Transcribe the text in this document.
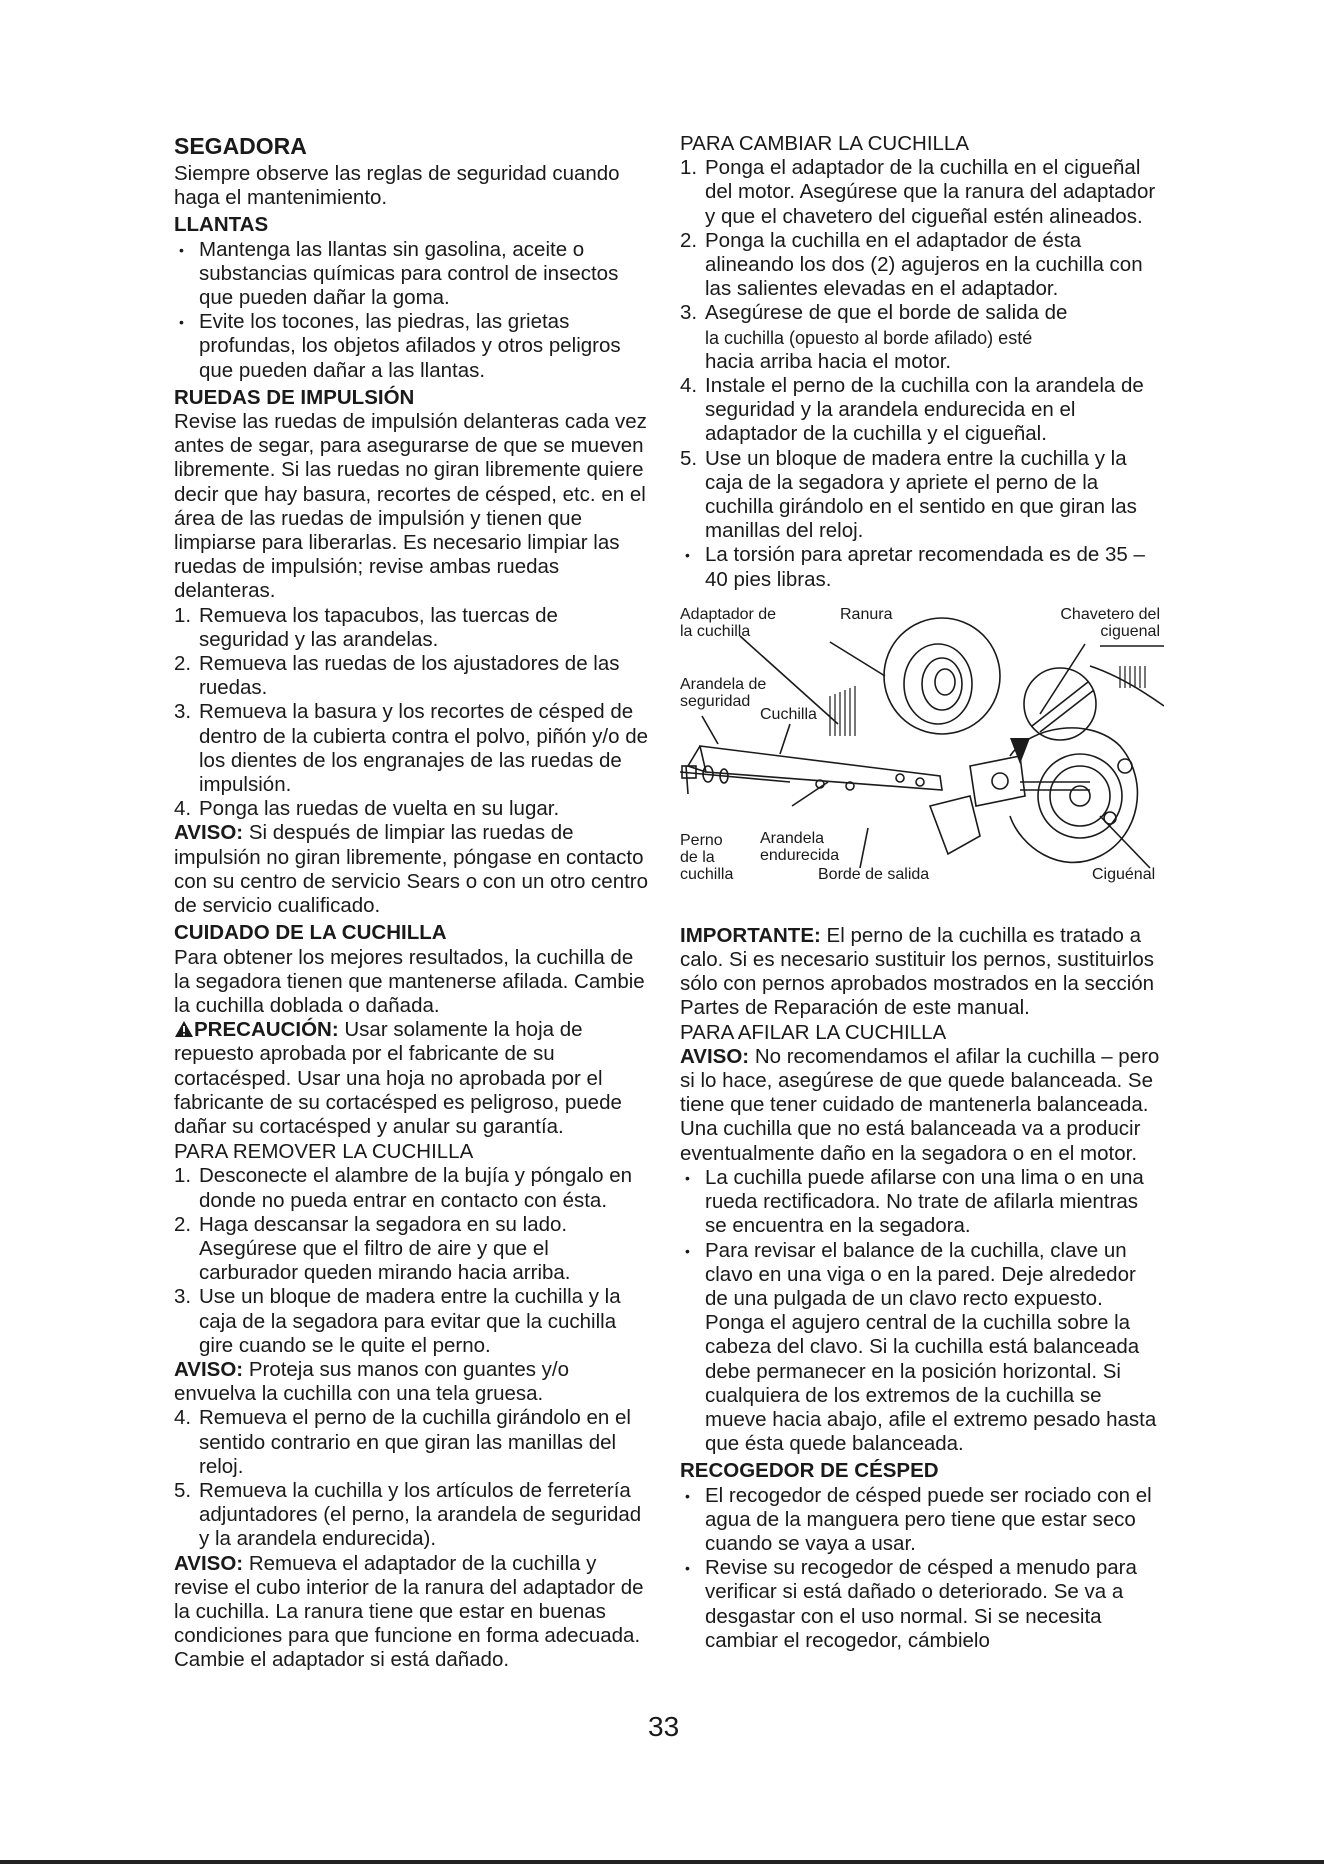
SEGADORA

Siempre observe las reglas de seguridad cuando haga el mantenimiento.

LLANTAS
• Mantenga las llantas sin gasolina, aceite o substancias químicas para control de insectos que pueden dañar la goma.
• Evite los tocones, las piedras, las grietas profundas, los objetos afilados y otros peligros que pueden dañar a las llantas.
RUEDAS DE IMPULSIÓN

Revise las ruedas de impulsión delanteras cada vez antes de segar, para asegurarse de que se mueven libremente. Si las ruedas no giran libremente quiere decir que hay basura, recortes de césped, etc. en el área de las ruedas de impulsión y tienen que limpiarse para liberarlas. Es necesario limpiar las ruedas de impulsión; revise ambas ruedas delanteras.

1. Remueva los tapacubos, las tuercas de seguridad y las arandelas.
2. Remueva las ruedas de los ajustadores de las ruedas.
3. Remueva la basura y los recortes de césped de dentro de la cubierta contra el polvo, piñón y/o de los dientes de los engranajes de las ruedas de impulsión.
4. Ponga las ruedas de vuelta en su lugar.

AVISO: Si después de limpiar las ruedas de impulsión no giran libremente, póngase en contacto con su centro de servicio Sears o con un otro centro de servicio cualificado.

CUIDADO DE LA CUCHILLA

Para obtener los mejores resultados, la cuchilla de la segadora tienen que mantenerse afilada. Cambie la cuchilla doblada o dañada.

PRECAUCIÓN: Usar solamente la hoja de repuesto aprobada por el fabricante de su cortacésped. Usar una hoja no aprobada por el fabricante de su cortacésped es peligroso, puede dañar su cortacésped y anular su garantía.

PARA REMOVER LA CUCHILLA
1. Desconecte el alambre de la bujía y póngalo en donde no pueda entrar en contacto con ésta.
2. Haga descansar la segadora en su lado. Asegúrese que el filtro de aire y que el carburador queden mirando hacia arriba.
3. Use un bloque de madera entre la cuchilla y la caja de la segadora para evitar que la cuchilla gire cuando se le quite el perno.

AVISO: Proteja sus manos con guantes y/o envuelva la cuchilla con una tela gruesa.

4. Remueva el perno de la cuchilla girándolo en el sentido contrario en que giran las manillas del reloj.
5. Remueva la cuchilla y los artículos de ferretería adjuntadores (el perno, la arandela de seguridad y la arandela endurecida).

AVISO: Remueva el adaptador de la cuchilla y revise el cubo interior de la ranura del adaptador de la cuchilla. La ranura tiene que estar en buenas condiciones para que funcione en forma adecuada. Cambie el adaptador si está dañado.

PARA CAMBIAR LA CUCHILLA
1. Ponga el adaptador de la cuchilla en el cigueñal del motor. Asegúrese que la ranura del adaptador y que el chavetero del cigueñal estén alineados.
2. Ponga la cuchilla en el adaptador de ésta alineando los dos (2) agujeros en la cuchilla con las salientes elevadas en el adaptador.
3. Asegúrese de que el borde de salida de
la cuchilla (opuesto al borde afilado) esté
hacia arriba hacia el motor.
4. Instale el perno de la cuchilla con la arandela de seguridad y la arandela endurecida en el adaptador de la cuchilla y el cigueñal.
5. Use un bloque de madera entre la cuchilla y la caja de la segadora y apriete el perno de la cuchilla girándolo en el sentido en que giran las manillas del reloj.
• La torsión para apretar recomendada es de 35 – 40 pies libras.
Adaptador de
la cuchilla
Ranura	Chavetero del
ciguenal
Arandela de
seguridad
Cuchilla
Perno
de la
cuchilla
Arandela
endurecida
Borde de salida	Ciguénal

IMPORTANTE: El perno de la cuchilla es tratado a calo. Si es necesario sustituir los pernos, sustituirlos sólo con pernos aprobados mostrados en la sección Partes de Reparación de este manual.

PARA AFILAR LA CUCHILLA

AVISO: No recomendamos el afilar la cuchilla – pero si lo hace, asegúrese de que quede balanceada. Se tiene que tener cuidado de mantenerla balanceada. Una cuchilla que no está balanceada va a producir eventualmente daño en la segadora o en el motor.

• La cuchilla puede afilarse con una lima o en una rueda rectificadora. No trate de afilarla mientras se encuentra en la segadora.
• Para revisar el balance de la cuchilla, clave un clavo en una viga o en la pared. Deje alrededor de una pulgada de un clavo recto expuesto. Ponga el agujero central de la cuchilla sobre la cabeza del clavo. Si la cuchilla está balanceada debe permanecer en la posición horizontal. Si cualquiera de los extremos de la cuchilla se mueve hacia abajo, afile el extremo pesado hasta que ésta quede balanceada.
RECOGEDOR DE CÉSPED
• El recogedor de césped puede ser rociado con el agua de la manguera pero tiene que estar seco cuando se vaya a usar.
• Revise su recogedor de césped a menudo para verificar si está dañado o deteriorado. Se va a desgastar con el uso normal. Si se necesita cambiar el recogedor, cámbielo
33
